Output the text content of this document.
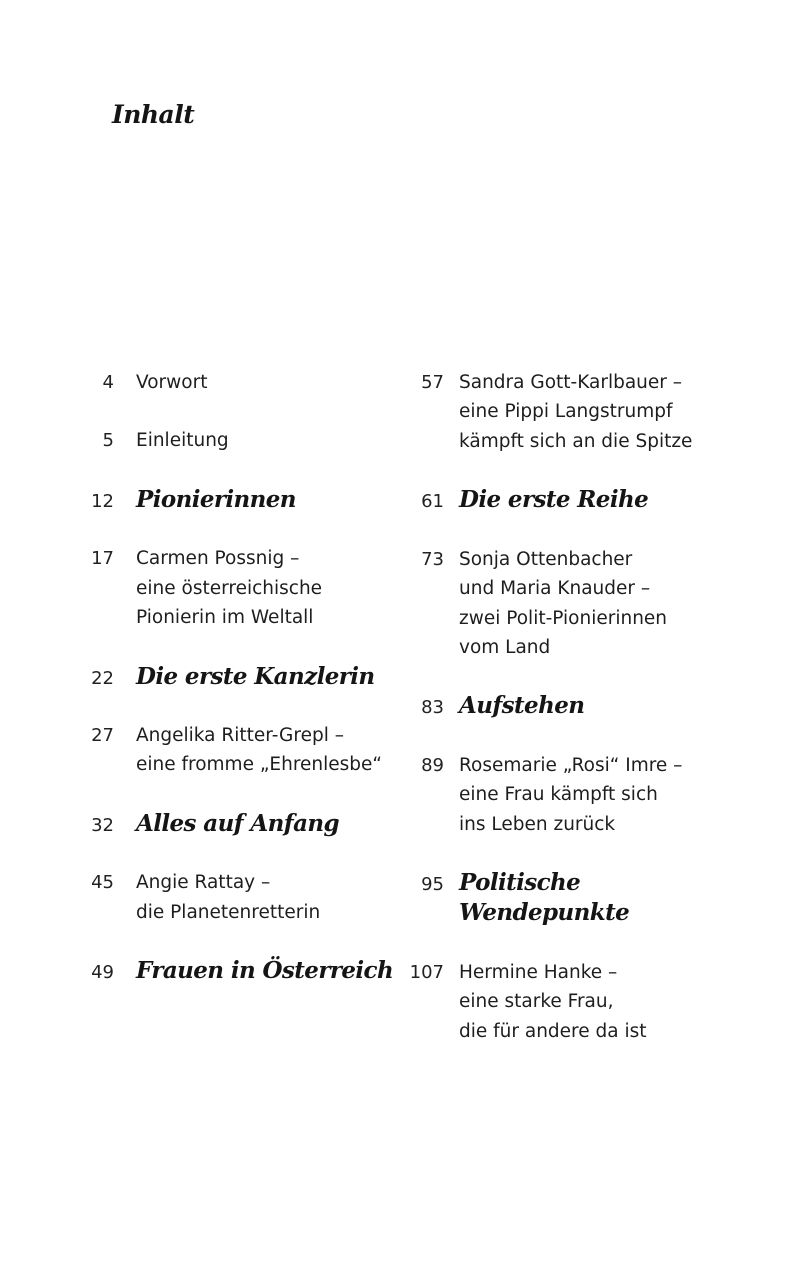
Inhalt
4 Vorwort
5 Einleitung
12 Pionierinnen
17 Carmen Possnig –
eine österreichische
Pionierin im Weltall
22 Die erste Kanzlerin
27 Angelika Ritter-Grepl –
eine fromme „Ehrenlesbe“
32 Alles auf Anfang
45 Angie Rattay –
die Planetenretterin
49 Frauen in Österreich
57 Sandra Gott-Karlbauer –
eine Pippi Langstrumpf
kämpft sich an die Spitze
61 Die erste Reihe
73 Sonja Ottenbacher
und Maria Knauder –
zwei Polit-Pionierinnen
vom Land
83 Aufstehen
89 Rosemarie „Rosi“ Imre –
eine Frau kämpft sich
ins Leben zurück
95 Politische
Wendepunkte
107 Hermine Hanke –
eine starke Frau,
die für andere da ist
